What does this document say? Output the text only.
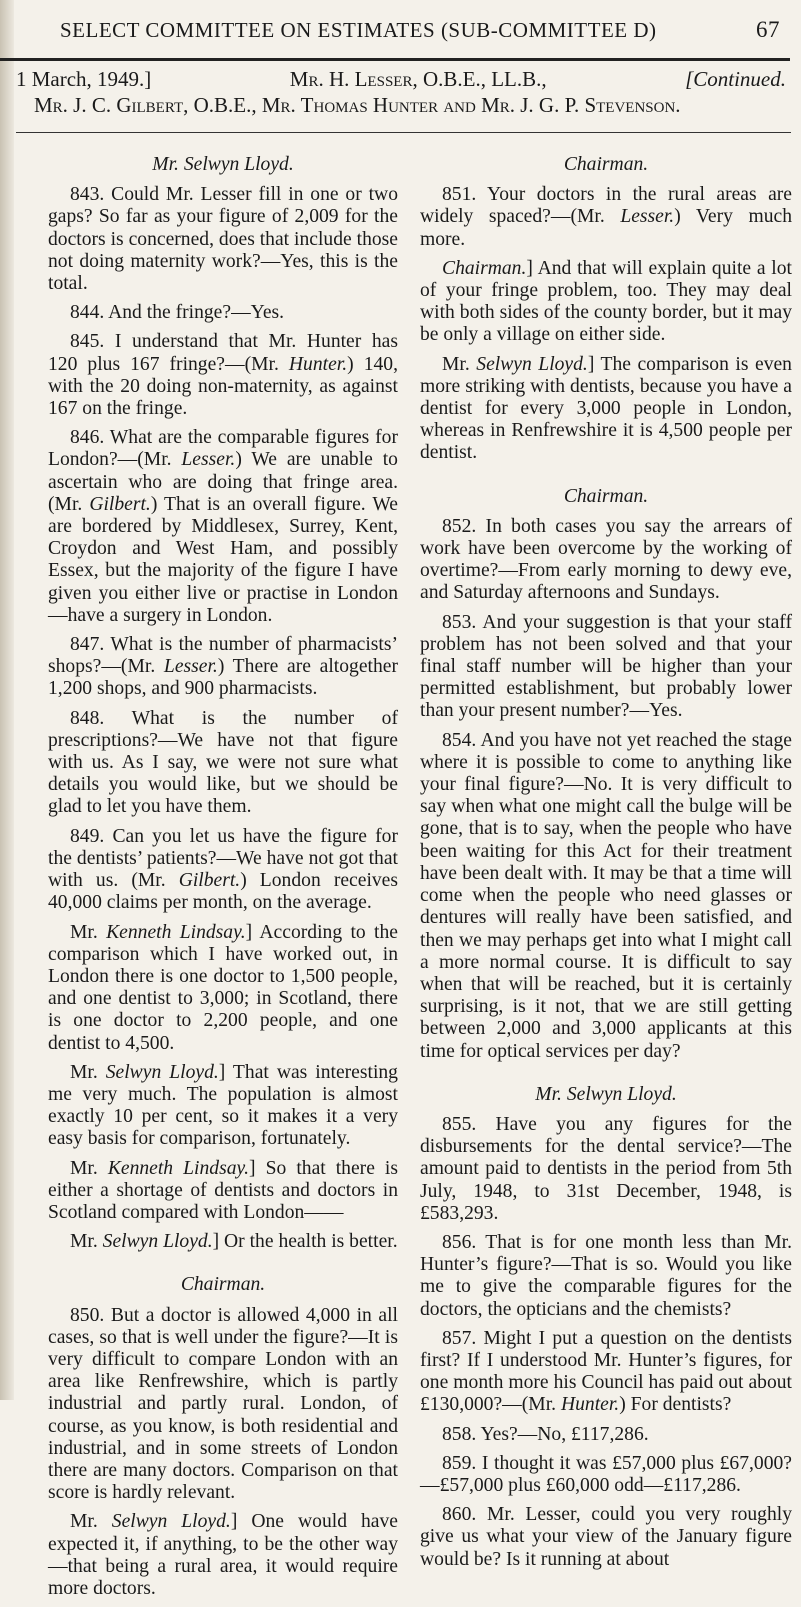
SELECT COMMITTEE ON ESTIMATES (SUB-COMMITTEE D)	67
1 March, 1949.]	Mr. H. Lesser, O.B.E., LL.B.,	[Continued.
Mr. J. C. Gilbert, O.B.E., Mr. Thomas Hunter and Mr. J. G. P. Stevenson.

Mr. Selwyn Lloyd.

843. Could Mr. Lesser fill in one or two gaps? So far as your figure of 2,009 for the doctors is concerned, does that include those not doing maternity work?—Yes, this is the total.

844. And the fringe?—Yes.

845. I understand that Mr. Hunter has 120 plus 167 fringe?—(Mr. Hunter.) 140, with the 20 doing non-maternity, as against 167 on the fringe.

846. What are the comparable figures for London?—(Mr. Lesser.) We are unable to ascertain who are doing that fringe area. (Mr. Gilbert.) That is an overall figure. We are bordered by Middlesex, Surrey, Kent, Croydon and West Ham, and possibly Essex, but the majority of the figure I have given you either live or practise in London—have a surgery in London.

847. What is the number of pharmacists’ shops?—(Mr. Lesser.) There are altogether 1,200 shops, and 900 pharmacists.

848. What is the number of prescriptions?—We have not that figure with us. As I say, we were not sure what details you would like, but we should be glad to let you have them.

849. Can you let us have the figure for the dentists’ patients?—We have not got that with us. (Mr. Gilbert.) London receives 40,000 claims per month, on the average.

Mr. Kenneth Lindsay.] According to the comparison which I have worked out, in London there is one doctor to 1,500 people, and one dentist to 3,000; in Scotland, there is one doctor to 2,200 people, and one dentist to 4,500.

Mr. Selwyn Lloyd.] That was interesting me very much. The population is almost exactly 10 per cent, so it makes it a very easy basis for comparison, fortunately.

Mr. Kenneth Lindsay.] So that there is either a shortage of dentists and doctors in Scotland compared with London——

Mr. Selwyn Lloyd.] Or the health is better.

Chairman.

850. But a doctor is allowed 4,000 in all cases, so that is well under the figure?—It is very difficult to compare London with an area like Renfrewshire, which is partly industrial and partly rural. London, of course, as you know, is both residential and industrial, and in some streets of London there are many doctors. Comparison on that score is hardly relevant.

Mr. Selwyn Lloyd.] One would have expected it, if anything, to be the other way—that being a rural area, it would require more doctors.

Chairman.

851. Your doctors in the rural areas are widely spaced?—(Mr. Lesser.) Very much more.

Chairman.] And that will explain quite a lot of your fringe problem, too. They may deal with both sides of the county border, but it may be only a village on either side.

Mr. Selwyn Lloyd.] The comparison is even more striking with dentists, because you have a dentist for every 3,000 people in London, whereas in Renfrewshire it is 4,500 people per dentist.

Chairman.

852. In both cases you say the arrears of work have been overcome by the working of overtime?—From early morning to dewy eve, and Saturday afternoons and Sundays.

853. And your suggestion is that your staff problem has not been solved and that your final staff number will be higher than your permitted establishment, but probably lower than your present number?—Yes.

854. And you have not yet reached the stage where it is possible to come to anything like your final figure?—No. It is very difficult to say when what one might call the bulge will be gone, that is to say, when the people who have been waiting for this Act for their treatment have been dealt with. It may be that a time will come when the people who need glasses or dentures will really have been satisfied, and then we may perhaps get into what I might call a more normal course. It is difficult to say when that will be reached, but it is certainly surprising, is it not, that we are still getting between 2,000 and 3,000 applicants at this time for optical services per day?

Mr. Selwyn Lloyd.

855. Have you any figures for the disbursements for the dental service?—The amount paid to dentists in the period from 5th July, 1948, to 31st December, 1948, is £583,293.

856. That is for one month less than Mr. Hunter’s figure?—That is so. Would you like me to give the comparable figures for the doctors, the opticians and the chemists?

857. Might I put a question on the dentists first? If I understood Mr. Hunter’s figures, for one month more his Council has paid out about £130,000?—(Mr. Hunter.) For dentists?

858. Yes?—No, £117,286.

859. I thought it was £57,000 plus £67,000?—£57,000 plus £60,000 odd—£117,286.

860. Mr. Lesser, could you very roughly give us what your view of the January figure would be? Is it running at about
